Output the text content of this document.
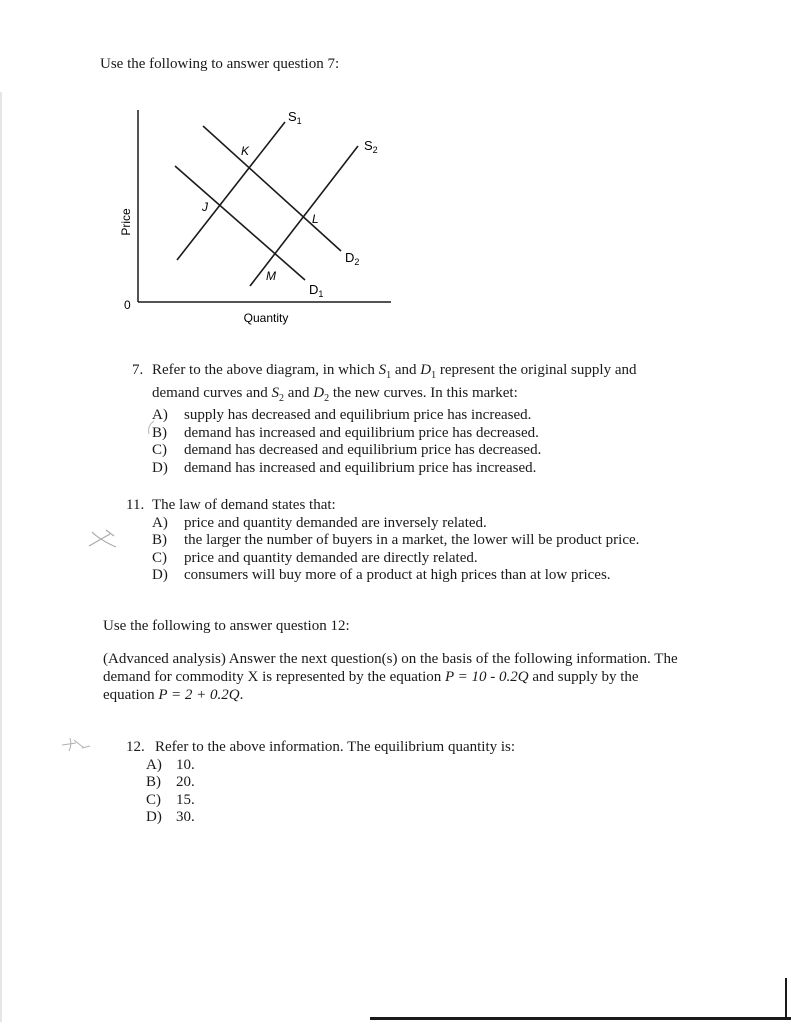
Use the following to answer question 7:
$S_1$
$S_2$
$D_1$
$D_2$
K
J
L
M
Price
Quantity
0
7. Refer to the above diagram, in which $S_1$ and $D_1$ represent the original supply and
demand curves and $S_2$ and $D_2$ the new curves. In this market:
A) supply has decreased and equilibrium price has increased.
B) demand has increased and equilibrium price has decreased.
C) demand has decreased and equilibrium price has decreased.
D) demand has increased and equilibrium price has increased.
11. The law of demand states that:
A) price and quantity demanded are inversely related.
B) the larger the number of buyers in a market, the lower will be product price.
C) price and quantity demanded are directly related.
D) consumers will buy more of a product at high prices than at low prices.
Use the following to answer question 12:
(Advanced analysis) Answer the next question(s) on the basis of the following information. The
demand for commodity X is represented by the equation P = 10 - 0.2Q and supply by the
equation P = 2 + 0.2Q.
12. Refer to the above information. The equilibrium quantity is:
A) 10.
B) 20.
C) 15.
D) 30.
